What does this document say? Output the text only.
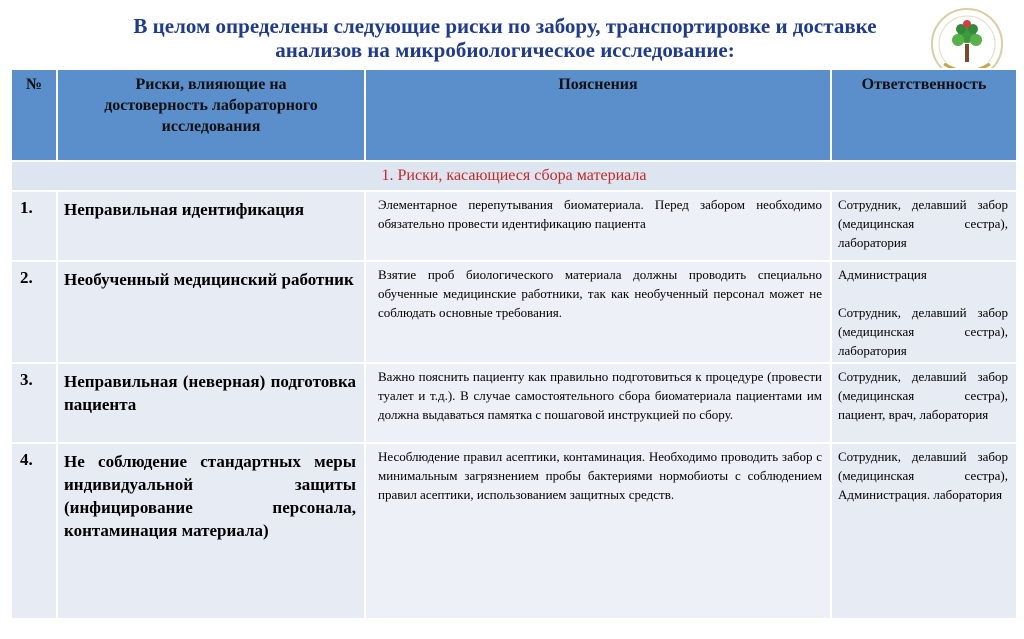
В целом определены следующие риски по забору, транспортировке и доставке
анализов на микробиологическое исследование:
№	Риски, влияющие на достоверность лабораторного исследования	Пояснения	Ответственность
1. Риски, касающиеся сбора материала			
1.	Неправильная идентификация	Элементарное перепутывания биоматериала. Перед забором необходимо обязательно провести идентификацию пациента	Сотрудник, делавший забор (медицинская сестра), лаборатория

2.	Необученный медицинский работник	Взятие проб биологического материала должны проводить специально обученные медицинские работники, так как необученный персонал может не соблюдать основные требования.	Администрация
Сотрудник, делавший забор (медицинская сестра), лаборатория

3.	Неправильная (неверная) подготовка пациента	Важно пояснить пациенту как правильно подготовиться к процедуре (провести туалет и т.д.). В случае самостоятельного сбора биоматериала пациентами им должна выдаваться памятка с пошаговой инструкцией по сбору.	Сотрудник, делавший забор (медицинская сестра), пациент, врач, лаборатория

4.	Не соблюдение стандартных меры индивидуальной защиты (инфицирование персонала, контаминация материала)	Несоблюдение правил асептики, контаминация. Необходимо проводить забор с минимальным загрязнением пробы бактериями нормобиоты с соблюдением правил асептики, использованием защитных средств.	Сотрудник, делавший забор (медицинская сестра), Администрация. лаборатория
